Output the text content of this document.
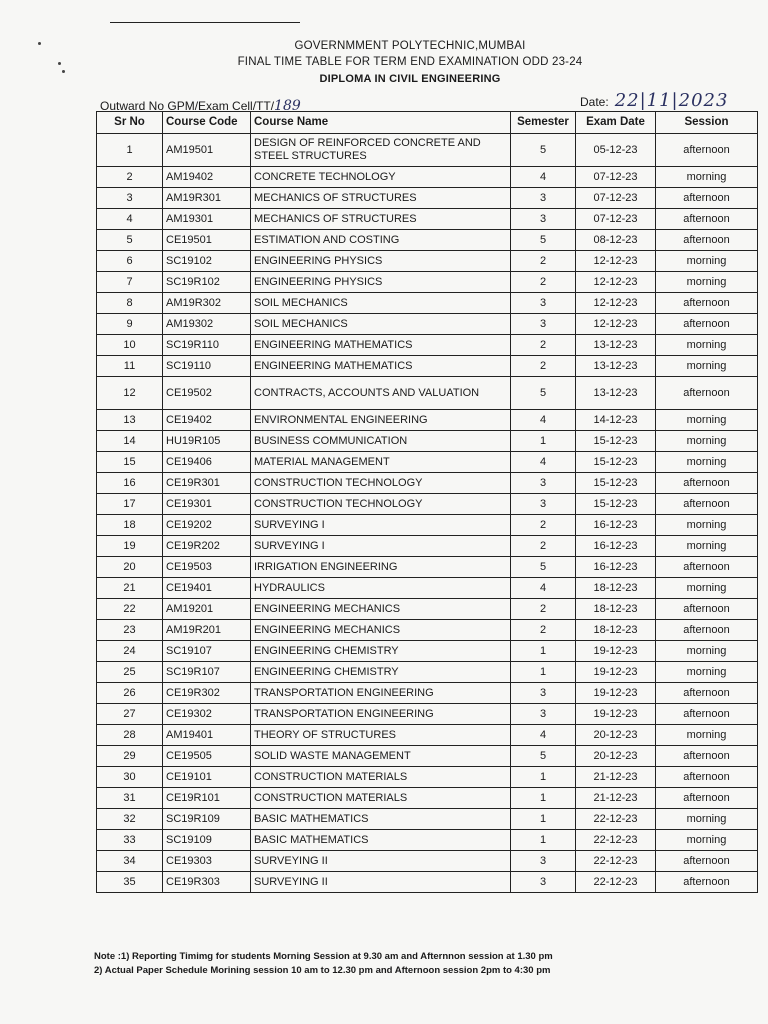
GOVERNMMENT POLYTECHNIC,MUMBAI
FINAL TIME TABLE FOR TERM END EXAMINATION ODD 23-24
DIPLOMA IN CIVIL ENGINEERING
Outward No GPM/Exam Cell/TT/189	Date: 22|11|2023
Sr No	Course Code	Course Name	Semester	Exam Date	Session
1	AM19501	DESIGN OF REINFORCED CONCRETE AND STEEL STRUCTURES	5	05-12-23	afternoon
2	AM19402	CONCRETE TECHNOLOGY	4	07-12-23	morning
3	AM19R301	MECHANICS OF STRUCTURES	3	07-12-23	afternoon
4	AM19301	MECHANICS OF STRUCTURES	3	07-12-23	afternoon
5	CE19501	ESTIMATION AND COSTING	5	08-12-23	afternoon
6	SC19102	ENGINEERING PHYSICS	2	12-12-23	morning
7	SC19R102	ENGINEERING PHYSICS	2	12-12-23	morning
8	AM19R302	SOIL MECHANICS	3	12-12-23	afternoon
9	AM19302	SOIL MECHANICS	3	12-12-23	afternoon
10	SC19R110	ENGINEERING MATHEMATICS	2	13-12-23	morning
11	SC19110	ENGINEERING MATHEMATICS	2	13-12-23	morning
12	CE19502	CONTRACTS, ACCOUNTS AND VALUATION	5	13-12-23	afternoon
13	CE19402	ENVIRONMENTAL ENGINEERING	4	14-12-23	morning
14	HU19R105	BUSINESS COMMUNICATION	1	15-12-23	morning
15	CE19406	MATERIAL MANAGEMENT	4	15-12-23	morning
16	CE19R301	CONSTRUCTION TECHNOLOGY	3	15-12-23	afternoon
17	CE19301	CONSTRUCTION TECHNOLOGY	3	15-12-23	afternoon
18	CE19202	SURVEYING I	2	16-12-23	morning
19	CE19R202	SURVEYING I	2	16-12-23	morning
20	CE19503	IRRIGATION ENGINEERING	5	16-12-23	afternoon
21	CE19401	HYDRAULICS	4	18-12-23	morning
22	AM19201	ENGINEERING MECHANICS	2	18-12-23	afternoon
23	AM19R201	ENGINEERING MECHANICS	2	18-12-23	afternoon
24	SC19107	ENGINEERING CHEMISTRY	1	19-12-23	morning
25	SC19R107	ENGINEERING CHEMISTRY	1	19-12-23	morning
26	CE19R302	TRANSPORTATION ENGINEERING	3	19-12-23	afternoon
27	CE19302	TRANSPORTATION ENGINEERING	3	19-12-23	afternoon
28	AM19401	THEORY OF STRUCTURES	4	20-12-23	morning
29	CE19505	SOLID WASTE MANAGEMENT	5	20-12-23	afternoon
30	CE19101	CONSTRUCTION MATERIALS	1	21-12-23	afternoon
31	CE19R101	CONSTRUCTION MATERIALS	1	21-12-23	afternoon
32	SC19R109	BASIC MATHEMATICS	1	22-12-23	morning
33	SC19109	BASIC MATHEMATICS	1	22-12-23	morning
34	CE19303	SURVEYING II	3	22-12-23	afternoon
35	CE19R303	SURVEYING II	3	22-12-23	afternoon
Note :1) Reporting Timimg for students Morning Session at 9.30 am and Afternnon session at 1.30 pm
2) Actual Paper Schedule Morining session 10 am to 12.30 pm and Afternoon session 2pm to 4:30 pm
